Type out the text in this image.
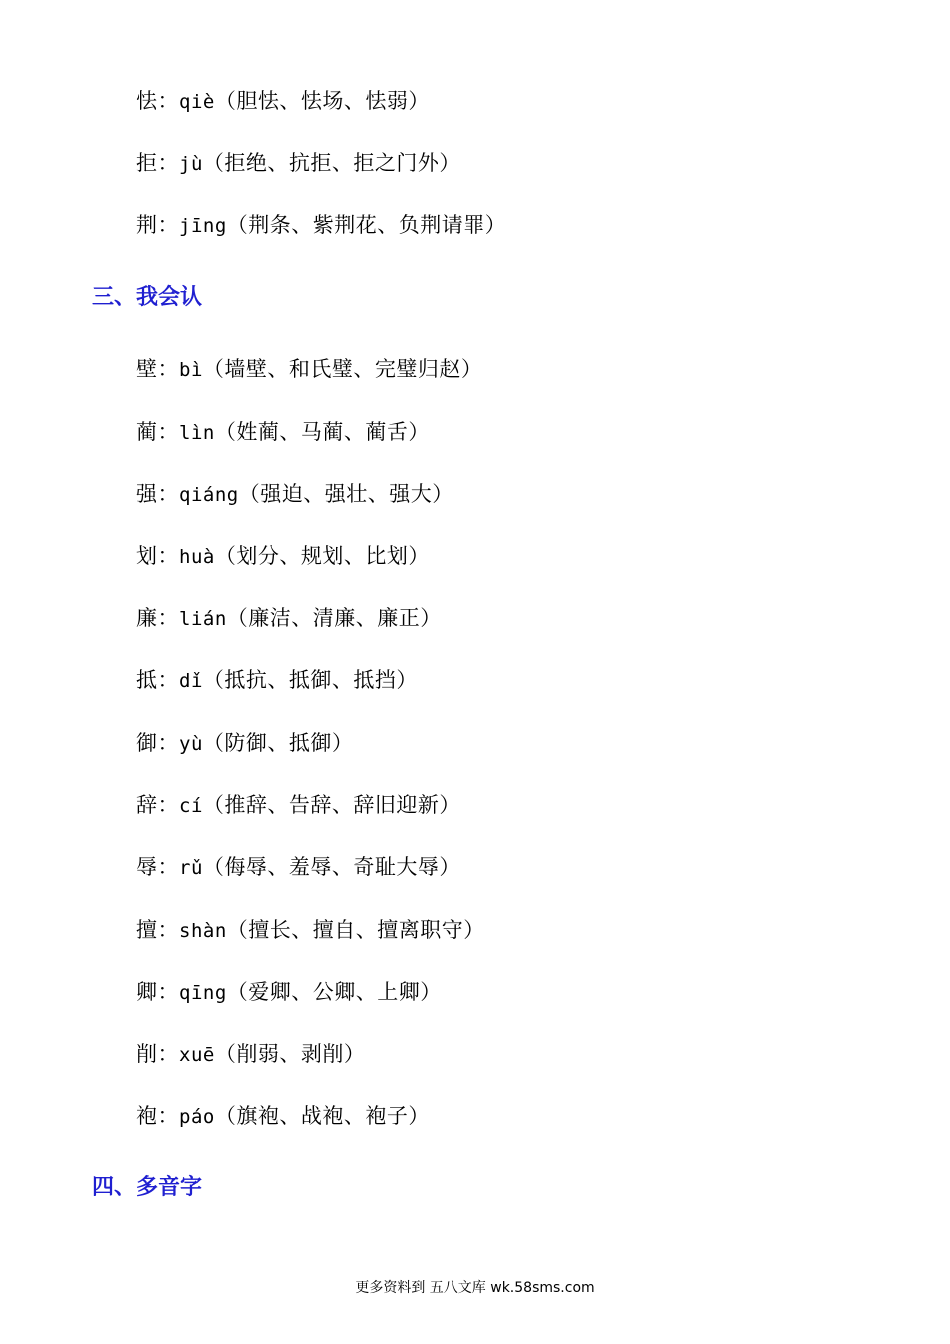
怯：qiè（胆怯、怯场、怯弱）
拒：jù（拒绝、抗拒、拒之门外）
荆：jīng（荆条、紫荆花、负荆请罪）
三、我会认
壁：bì（墙壁、和氏璧、完璧归赵）
蔺：lìn（姓蔺、马蔺、蔺舌）
强：qiáng（强迫、强壮、强大）
划：huà（划分、规划、比划）
廉：lián（廉洁、清廉、廉正）
抵：dǐ（抵抗、抵御、抵挡）
御：yù（防御、抵御）
辞：cí（推辞、告辞、辞旧迎新）
辱：rǔ（侮辱、羞辱、奇耻大辱）
擅：shàn（擅长、擅自、擅离职守）
卿：qīng（爱卿、公卿、上卿）
削：xuē（削弱、剥削）
袍：páo（旗袍、战袍、袍子）
四、多音字
更多资料到 五八文库 wk.58sms.com
